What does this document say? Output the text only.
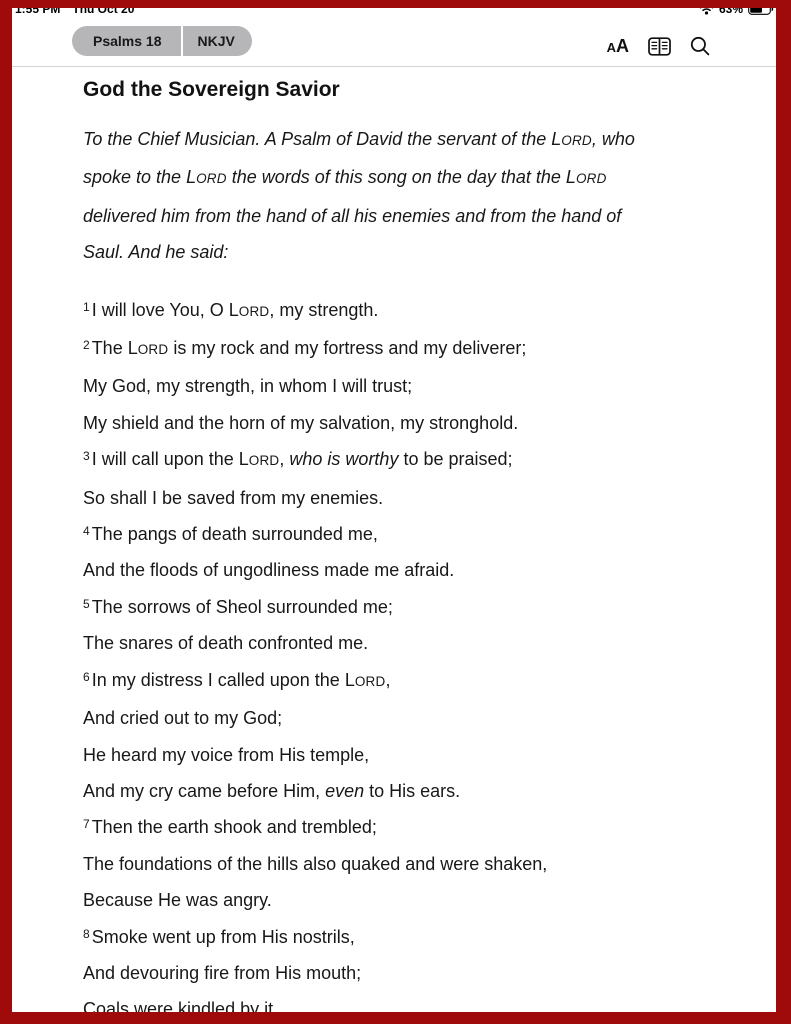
1:55 PM Thu Oct 20	•••	63%
Psalms 18	NKJV	A A
God the Sovereign Savior

To the Chief Musician. A Psalm of David the servant of the LORD, who

spoke to the LORD the words of this song on the day that the LORD

delivered him from the hand of all his enemies and from the hand of

Saul. And he said:

$^1$ I will love You, O LORD, my strength.

$^2$ The LORD is my rock and my fortress and my deliverer;

My God, my strength, in whom I will trust;

My shield and the horn of my salvation, my stronghold.

$^3$ I will call upon the LORD, who is worthy to be praised;

So shall I be saved from my enemies.

$^4$ The pangs of death surrounded me,

And the floods of ungodliness made me afraid.

$^5$ The sorrows of Sheol surrounded me;

The snares of death confronted me.

$^6$ In my distress I called upon the LORD,

And cried out to my God;

He heard my voice from His temple,

And my cry came before Him, even to His ears.

$^7$ Then the earth shook and trembled;

The foundations of the hills also quaked and were shaken,

Because He was angry.

$^8$ Smoke went up from His nostrils,

And devouring fire from His mouth;

Coals were kindled by it.
